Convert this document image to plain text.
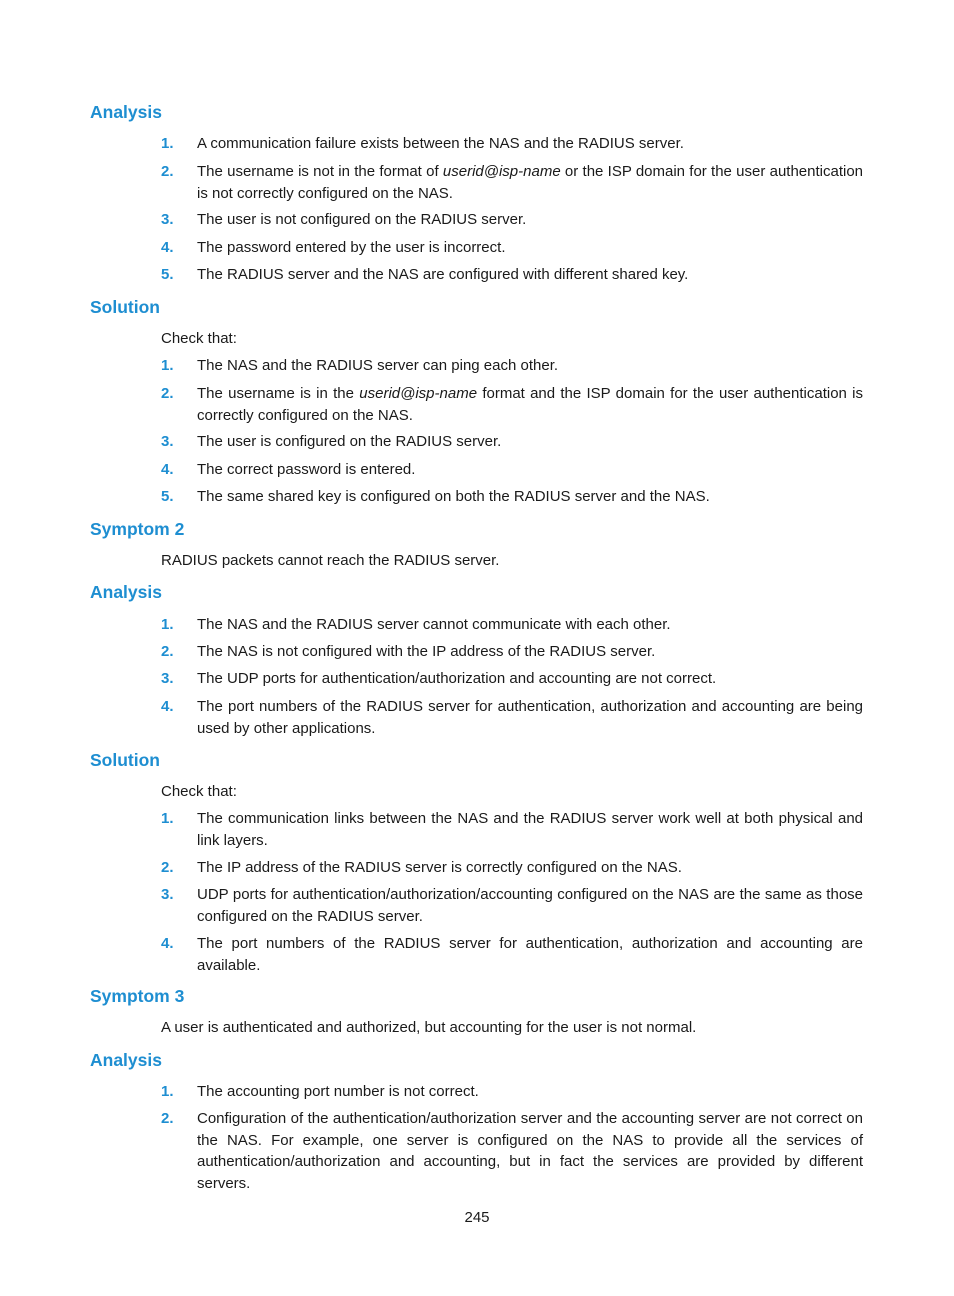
Analysis
1. A communication failure exists between the NAS and the RADIUS server.
2. The username is not in the format of userid@isp-name or the ISP domain for the user authentication is not correctly configured on the NAS.
3. The user is not configured on the RADIUS server.
4. The password entered by the user is incorrect.
5. The RADIUS server and the NAS are configured with different shared key.
Solution

Check that:

1. The NAS and the RADIUS server can ping each other.
2. The username is in the userid@isp-name format and the ISP domain for the user authentication is correctly configured on the NAS.
3. The user is configured on the RADIUS server.
4. The correct password is entered.
5. The same shared key is configured on both the RADIUS server and the NAS.
Symptom 2

RADIUS packets cannot reach the RADIUS server.

Analysis
1. The NAS and the RADIUS server cannot communicate with each other.
2. The NAS is not configured with the IP address of the RADIUS server.
3. The UDP ports for authentication/authorization and accounting are not correct.
4. The port numbers of the RADIUS server for authentication, authorization and accounting are being used by other applications.
Solution

Check that:

1. The communication links between the NAS and the RADIUS server work well at both physical and link layers.
2. The IP address of the RADIUS server is correctly configured on the NAS.
3. UDP ports for authentication/authorization/accounting configured on the NAS are the same as those configured on the RADIUS server.
4. The port numbers of the RADIUS server for authentication, authorization and accounting are available.
Symptom 3

A user is authenticated and authorized, but accounting for the user is not normal.

Analysis
1. The accounting port number is not correct.
2. Configuration of the authentication/authorization server and the accounting server are not correct on the NAS. For example, one server is configured on the NAS to provide all the services of authentication/authorization and accounting, but in fact the services are provided by different servers.
245
